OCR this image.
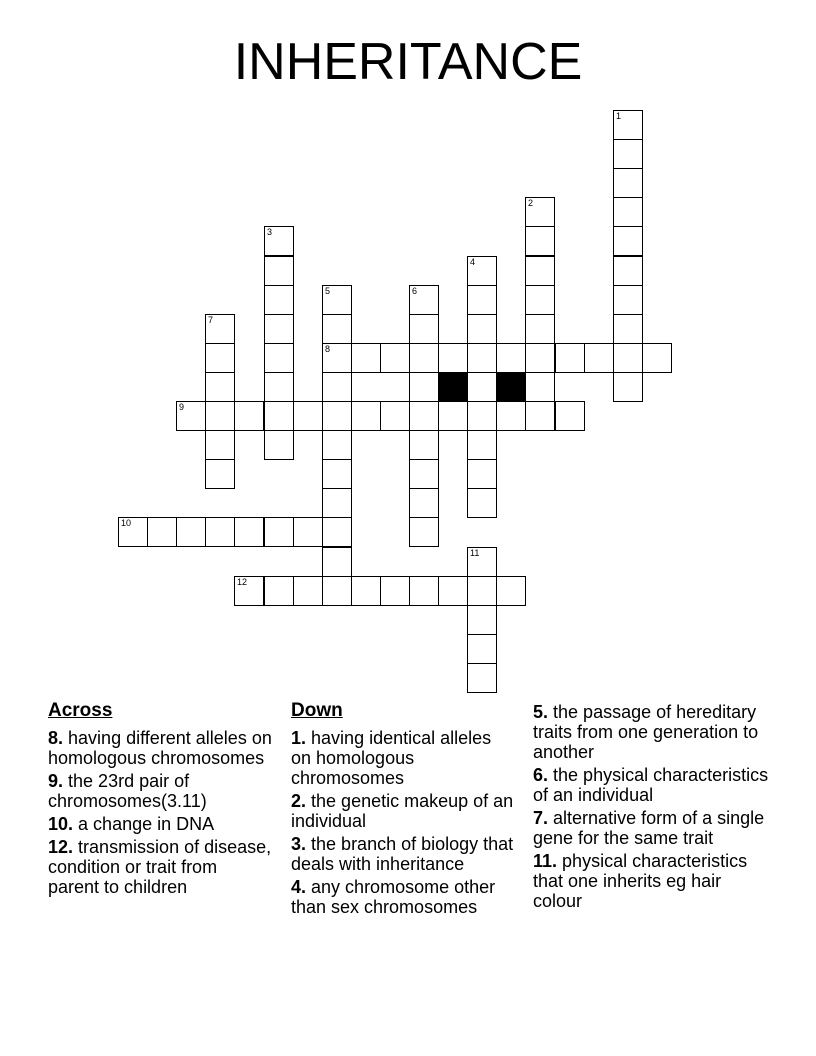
INHERITANCE
1
2
3
4
5
8
6
7
9
10
11
12
Across
8. having different alleles on homologous chromosomes
9. the 23rd pair of chromosomes(3.11)
10. a change in DNA
12. transmission of disease, condition or trait from parent to children
Down
1. having identical alleles on homologous chromosomes
2. the genetic makeup of an individual
3. the branch of biology that deals with inheritance
4. any chromosome other than sex chromosomes
5. the passage of hereditary traits from one generation to another
6. the physical characteristics of an individual
7. alternative form of a single gene for the same trait
11. physical characteristics that one inherits eg hair colour
